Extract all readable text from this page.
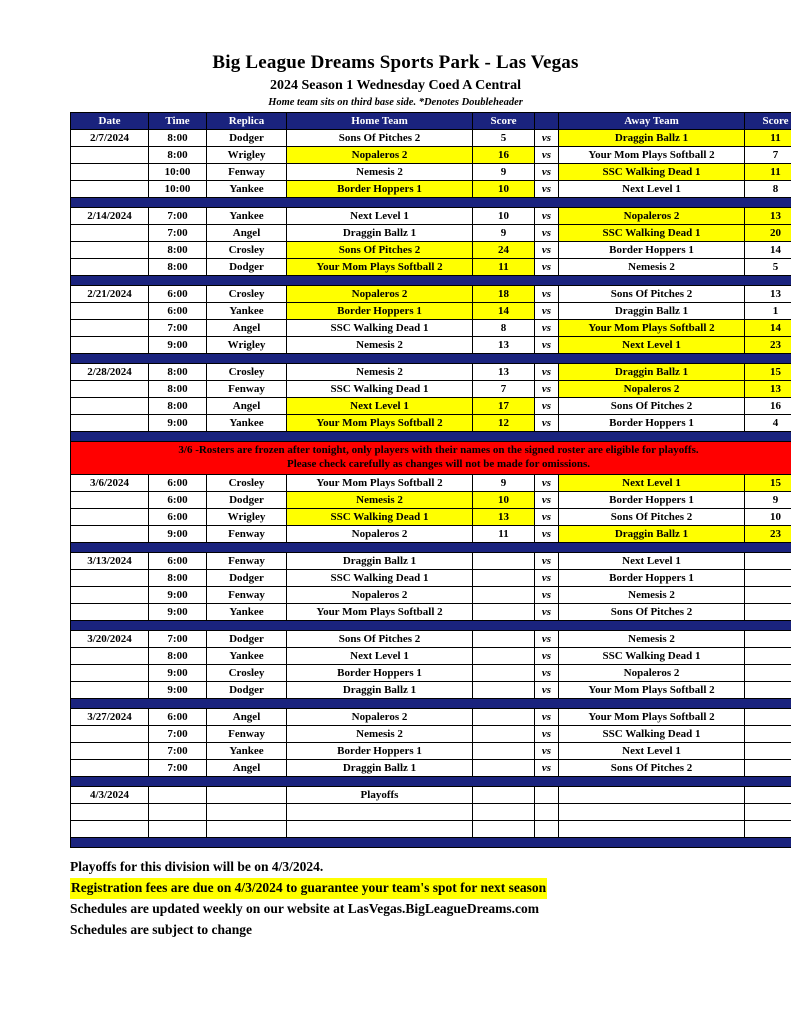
Big League Dreams Sports Park - Las Vegas
2024 Season 1 Wednesday Coed A Central
Home team sits on third base side. *Denotes Doubleheader
Date	Time	Replica	Home Team	Score		Away Team	Score
2/7/2024	8:00	Dodger	Sons Of Pitches 2	5	vs	Draggin Ballz 1	11
	8:00	Wrigley	Nopaleros 2	16	vs	Your Mom Plays Softball 2	7
	10:00	Fenway	Nemesis 2	9	vs	SSC Walking Dead 1	11
	10:00	Yankee	Border Hoppers 1	10	vs	Next Level 1	8

2/14/2024	7:00	Yankee	Next Level 1	10	vs	Nopaleros 2	13
	7:00	Angel	Draggin Ballz 1	9	vs	SSC Walking Dead 1	20
	8:00	Crosley	Sons Of Pitches 2	24	vs	Border Hoppers 1	14
	8:00	Dodger	Your Mom Plays Softball 2	11	vs	Nemesis 2	5

2/21/2024	6:00	Crosley	Nopaleros 2	18	vs	Sons Of Pitches 2	13
	6:00	Yankee	Border Hoppers 1	14	vs	Draggin Ballz 1	1
	7:00	Angel	SSC Walking Dead 1	8	vs	Your Mom Plays Softball 2	14
	9:00	Wrigley	Nemesis 2	13	vs	Next Level 1	23

2/28/2024	8:00	Crosley	Nemesis 2	13	vs	Draggin Ballz 1	15
	8:00	Fenway	SSC Walking Dead 1	7	vs	Nopaleros 2	13
	8:00	Angel	Next Level 1	17	vs	Sons Of Pitches 2	16
	9:00	Yankee	Your Mom Plays Softball 2	12	vs	Border Hoppers 1	4

3/6 -Rosters are frozen after tonight, only players with their names on the signed roster are eligible for playoffs.
Please check carefully as changes will not be made for omissions.							

3/6/2024	6:00	Crosley	Your Mom Plays Softball 2	9	vs	Next Level 1	15
	6:00	Dodger	Nemesis 2	10	vs	Border Hoppers 1	9
	6:00	Wrigley	SSC Walking Dead 1	13	vs	Sons Of Pitches 2	10
	9:00	Fenway	Nopaleros 2	11	vs	Draggin Ballz 1	23

3/13/2024	6:00	Fenway	Draggin Ballz 1		vs	Next Level 1	
	8:00	Dodger	SSC Walking Dead 1		vs	Border Hoppers 1	
	9:00	Fenway	Nopaleros 2		vs	Nemesis 2	
	9:00	Yankee	Your Mom Plays Softball 2		vs	Sons Of Pitches 2	

3/20/2024	7:00	Dodger	Sons Of Pitches 2		vs	Nemesis 2	
	8:00	Yankee	Next Level 1		vs	SSC Walking Dead 1	
	9:00	Crosley	Border Hoppers 1		vs	Nopaleros 2	
	9:00	Dodger	Draggin Ballz 1		vs	Your Mom Plays Softball 2	

3/27/2024	6:00	Angel	Nopaleros 2		vs	Your Mom Plays Softball 2	
	7:00	Fenway	Nemesis 2		vs	SSC Walking Dead 1	
	7:00	Yankee	Border Hoppers 1		vs	Next Level 1	
	7:00	Angel	Draggin Ballz 1		vs	Sons Of Pitches 2	

4/3/2024			Playoffs				

Playoffs for this division will be on 4/3/2024.
Registration fees are due on 4/3/2024 to guarantee your team's spot for next season
Schedules are updated weekly on our website at LasVegas.BigLeagueDreams.com
Schedules are subject to change
